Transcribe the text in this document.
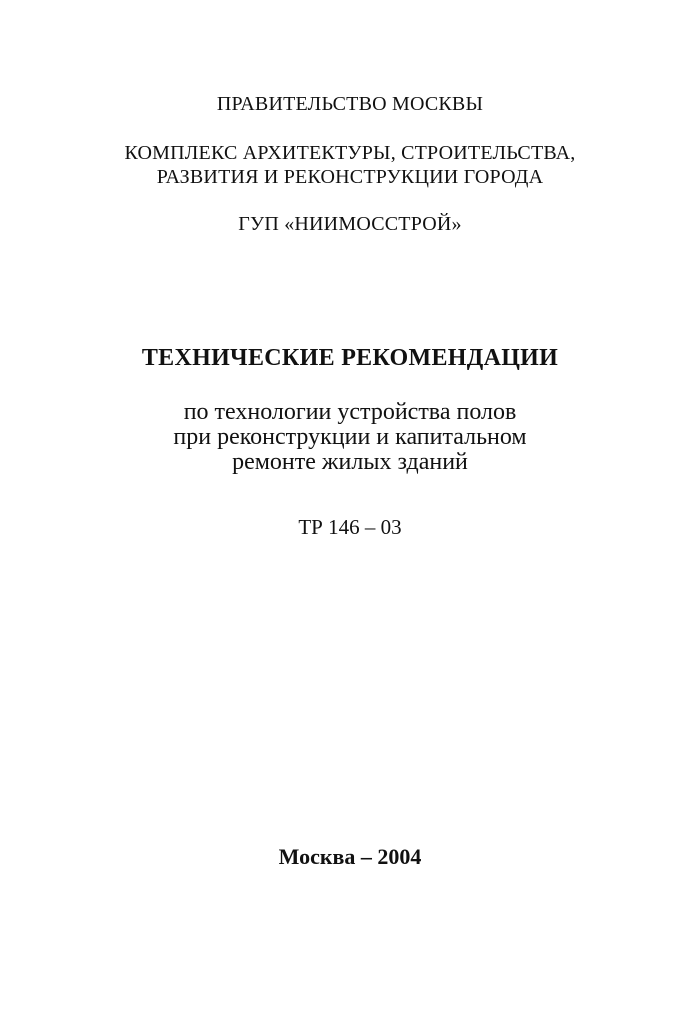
ПРАВИТЕЛЬСТВО МОСКВЫ
КОМПЛЕКС АРХИТЕКТУРЫ, СТРОИТЕЛЬСТВА,
РАЗВИТИЯ И РЕКОНСТРУКЦИИ ГОРОДА
ГУП «НИИМОССТРОЙ»
ТЕХНИЧЕСКИЕ РЕКОМЕНДАЦИИ
по технологии устройства полов
при реконструкции и капитальном
ремонте жилых зданий
ТР 146 – 03
Москва – 2004
